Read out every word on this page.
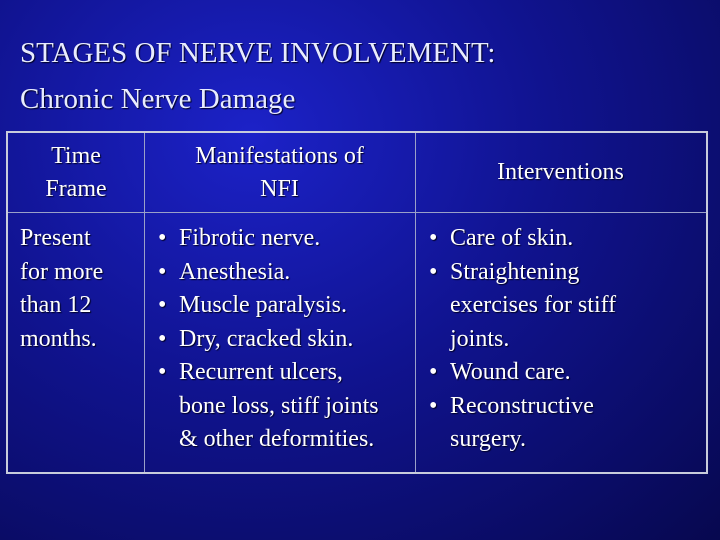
STAGES OF NERVE INVOLVEMENT:
Chronic Nerve Damage
Time
Frame
Present
for more
than 12
months.
Manifestations of
NFI
• Fibrotic nerve.
• Anesthesia.
• Muscle paralysis.
• Dry, cracked skin.
• Recurrent ulcers,
bone loss, stiff joints
& other deformities.
Interventions
• Care of skin.
• Straightening
exercises for stiff
joints.
• Wound care.
• Reconstructive
surgery.
